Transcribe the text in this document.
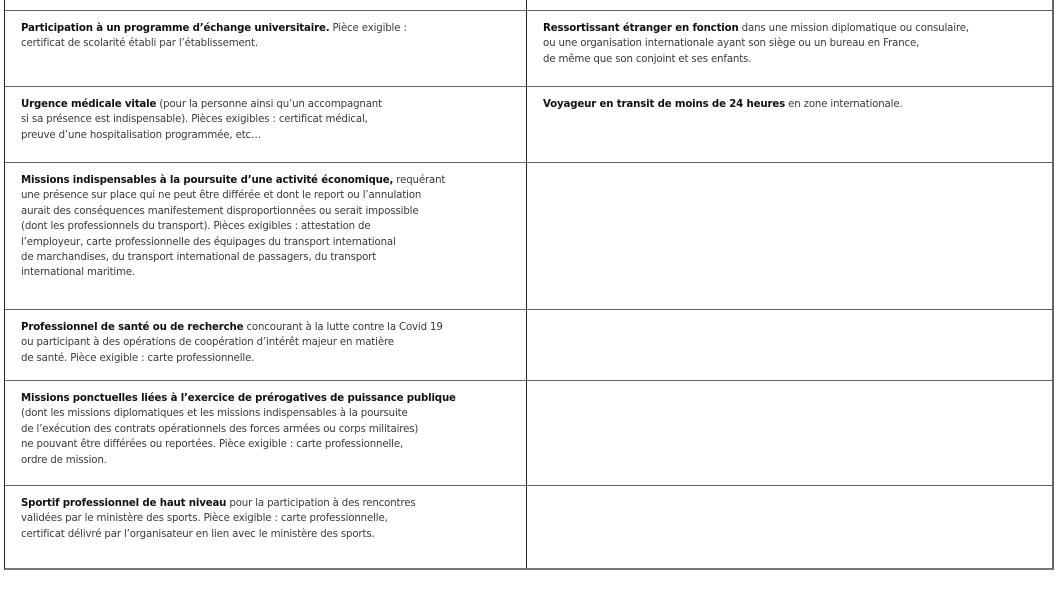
Participation à un programme d’échange universitaire. Pièce exigible :
certificat de scolarité établi par l’établissement.
Ressortissant étranger en fonction dans une mission diplomatique ou consulaire,
ou une organisation internationale ayant son siège ou un bureau en France,
de même que son conjoint et ses enfants.
Urgence médicale vitale (pour la personne ainsi qu’un accompagnant
si sa présence est indispensable). Pièces exigibles : certificat médical,
preuve d’une hospitalisation programmée, etc…
Voyageur en transit de moins de 24 heures en zone internationale.
Missions indispensables à la poursuite d’une activité économique, requérant
une présence sur place qui ne peut être différée et dont le report ou l’annulation
aurait des conséquences manifestement disproportionnées ou serait impossible
(dont les professionnels du transport). Pièces exigibles : attestation de
l’employeur, carte professionnelle des équipages du transport international
de marchandises, du transport international de passagers, du transport
international maritime.
Professionnel de santé ou de recherche concourant à la lutte contre la Covid 19
ou participant à des opérations de coopération d’intérêt majeur en matière
de santé. Pièce exigible : carte professionnelle.
Missions ponctuelles liées à l’exercice de prérogatives de puissance publique
(dont les missions diplomatiques et les missions indispensables à la poursuite
de l’exécution des contrats opérationnels des forces armées ou corps militaires)
ne pouvant être différées ou reportées. Pièce exigible : carte professionnelle,
ordre de mission.
Sportif professionnel de haut niveau pour la participation à des rencontres
validées par le ministère des sports. Pièce exigible : carte professionnelle,
certificat délivré par l’organisateur en lien avec le ministère des sports.
